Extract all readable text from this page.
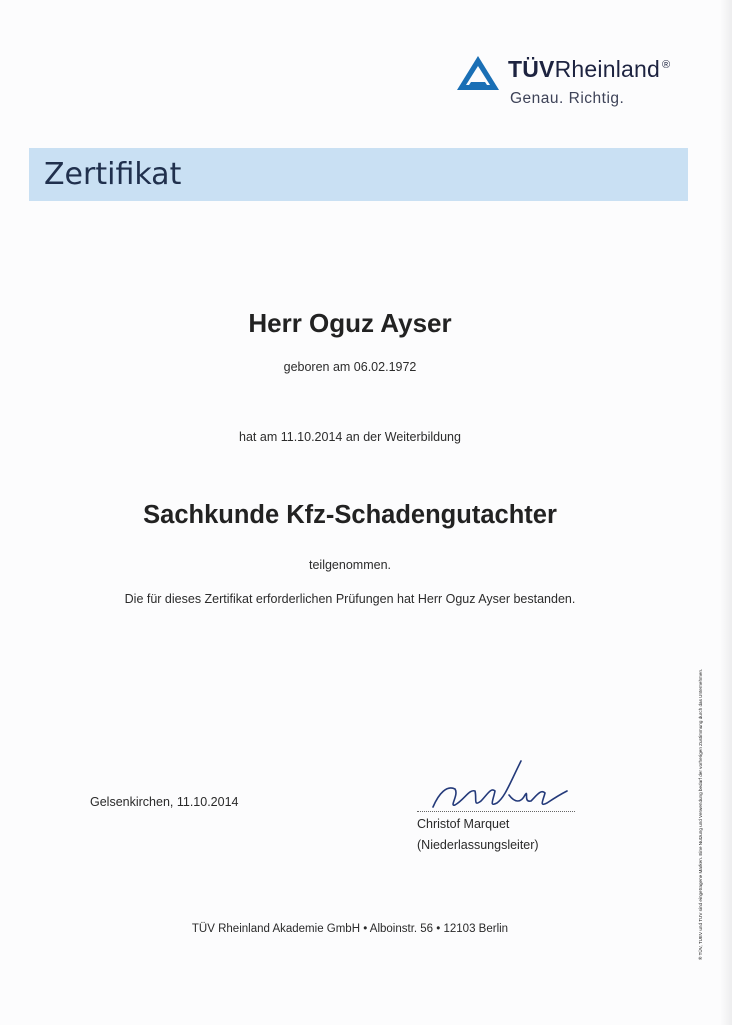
TÜVRheinland ®
Genau. Richtig.
Zertifikat
Herr Oguz Ayser
geboren am 06.02.1972
hat am 11.10.2014 an der Weiterbildung
Sachkunde Kfz-Schadengutachter
teilgenommen.
Die für dieses Zertifikat erforderlichen Prüfungen hat Herr Oguz Ayser bestanden.
Gelsenkirchen, 11.10.2014
Christof Marquet
(Niederlassungsleiter)
TÜV Rheinland Akademie GmbH • Alboinstr. 56 • 12103 Berlin	® TÜV, TUEV und TUV sind eingetragene Marken. Eine Nutzung und Verwendung bedarf der vorherigen Zustimmung durch das Unternehmen.
